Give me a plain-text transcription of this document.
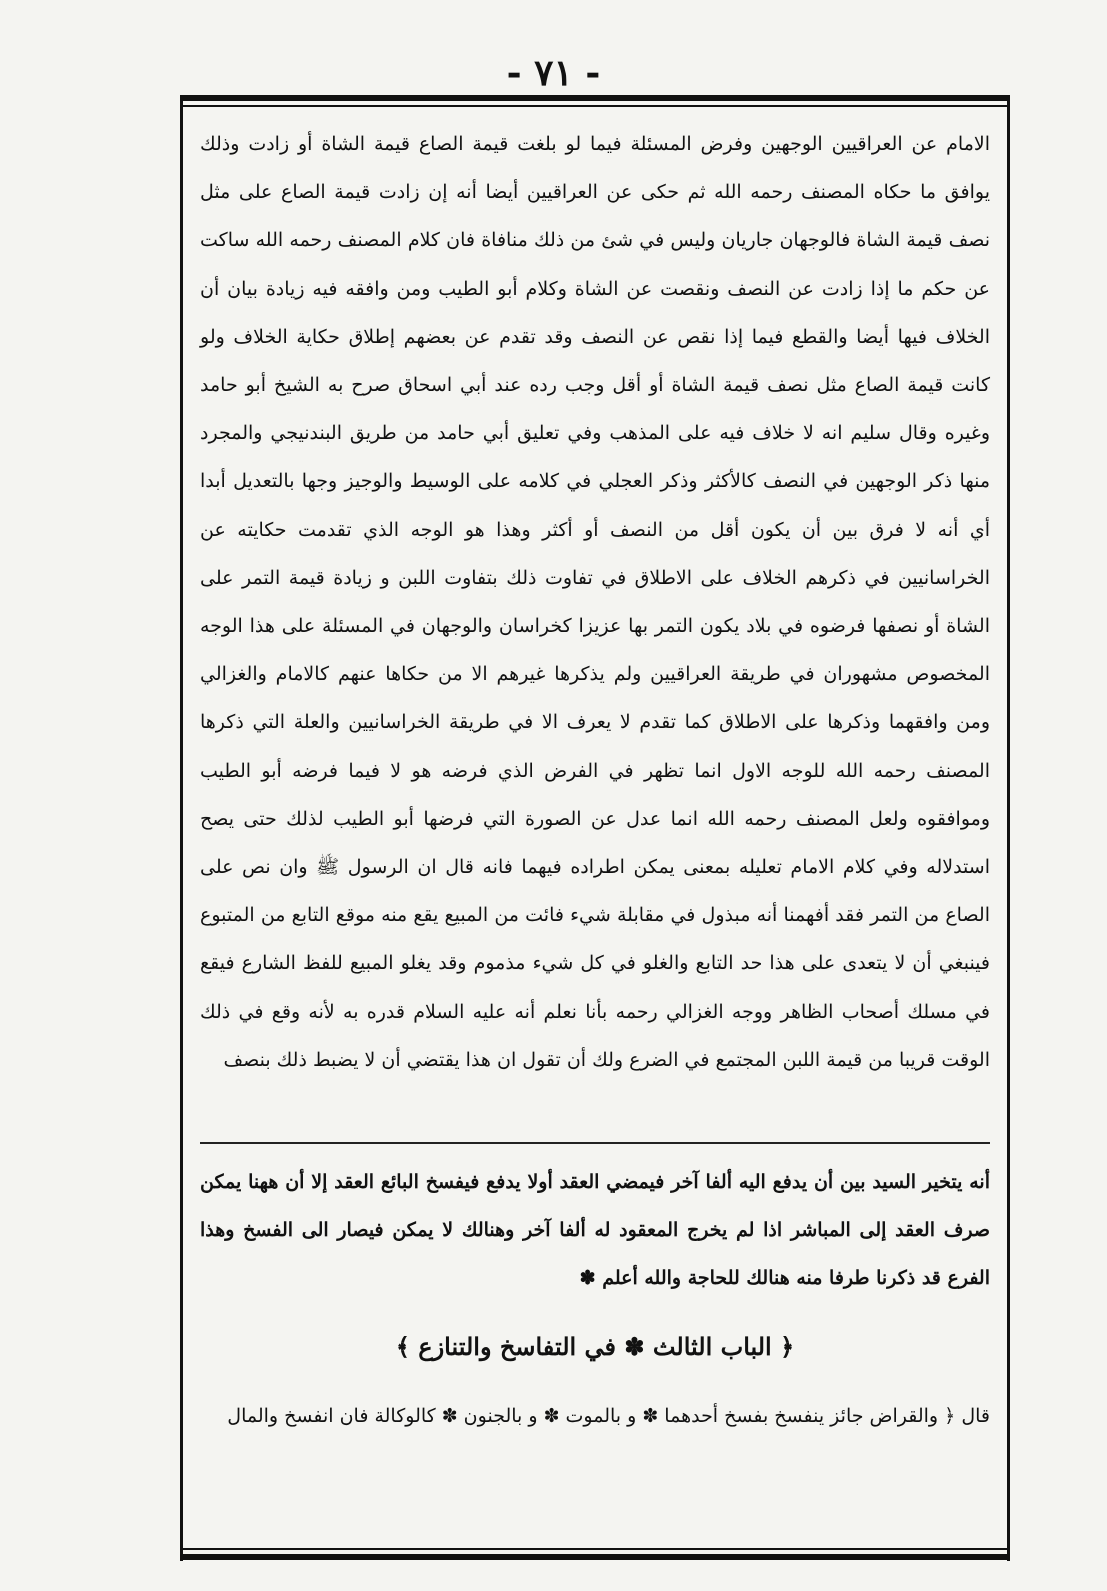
- ٧١ -

الامام عن العراقيين الوجهين وفرض المسئلة فيما لو بلغت قيمة الصاع قيمة الشاة أو زادت وذلك يوافق ما حكاه المصنف رحمه الله ثم حكى عن العراقيين أيضا أنه إن زادت قيمة الصاع على مثل نصف قيمة الشاة فالوجهان جاريان وليس في شئ من ذلك منافاة فان كلام المصنف رحمه الله ساكت عن حكم ما إذا زادت عن النصف ونقصت عن الشاة وكلام أبو الطيب ومن وافقه فيه زيادة بيان أن الخلاف فيها أيضا والقطع فيما إذا نقص عن النصف وقد تقدم عن بعضهم إطلاق حكاية الخلاف ولو كانت قيمة الصاع مثل نصف قيمة الشاة أو أقل وجب رده عند أبي اسحاق صرح به الشيخ أبو حامد وغيره وقال سليم انه لا خلاف فيه على المذهب وفي تعليق أبي حامد من طريق البندنيجي والمجرد منها ذكر الوجهين في النصف كالأكثر وذكر العجلي في كلامه على الوسيط والوجيز وجها بالتعديل أبدا أي أنه لا فرق بين أن يكون أقل من النصف أو أكثر وهذا هو الوجه الذي تقدمت حكايته عن الخراسانيين في ذكرهم الخلاف على الاطلاق في تفاوت ذلك بتفاوت اللبن و زيادة قيمة التمر على الشاة أو نصفها فرضوه في بلاد يكون التمر بها عزيزا كخراسان والوجهان في المسئلة على هذا الوجه المخصوص مشهوران في طريقة العراقيين ولم يذكرها غيرهم الا من حكاها عنهم كالامام والغزالي ومن وافقهما وذكرها على الاطلاق كما تقدم لا يعرف الا في طريقة الخراسانيين والعلة التي ذكرها المصنف رحمه الله للوجه الاول انما تظهر في الفرض الذي فرضه هو لا فيما فرضه أبو الطيب وموافقوه ولعل المصنف رحمه الله انما عدل عن الصورة التي فرضها أبو الطيب لذلك حتى يصح استدلاله وفي كلام الامام تعليله بمعنى يمكن اطراده فيهما فانه قال ان الرسول ﷺ وان نص على الصاع من التمر فقد أفهمنا أنه مبذول في مقابلة شيء فائت من المبيع يقع منه موقع التابع من المتبوع فينبغي أن لا يتعدى على هذا حد التابع والغلو في كل شيء مذموم وقد يغلو المبيع للفظ الشارع فيقع في مسلك أصحاب الظاهر ووجه الغزالي رحمه بأنا نعلم أنه عليه السلام قدره به لأنه وقع في ذلك الوقت قريبا من قيمة اللبن المجتمع في الضرع ولك أن تقول ان هذا يقتضي أن لا يضبط ذلك بنصف

أنه يتخير السيد بين أن يدفع اليه ألفا آخر فيمضي العقد أولا يدفع فيفسخ البائع العقد إلا أن ههنا يمكن صرف العقد إلى المباشر اذا لم يخرج المعقود له ألفا آخر وهنالك لا يمكن فيصار الى الفسخ وهذا الفرع قد ذكرنا طرفا منه هنالك للحاجة والله أعلم ✽

﴿ الباب الثالث ✽ في التفاسخ والتنازع ﴾

قال ﴿ والقراض جائز ينفسخ بفسخ أحدهما ✽ و بالموت ✽ و بالجنون ✽ كالوكالة فان انفسخ والمال
